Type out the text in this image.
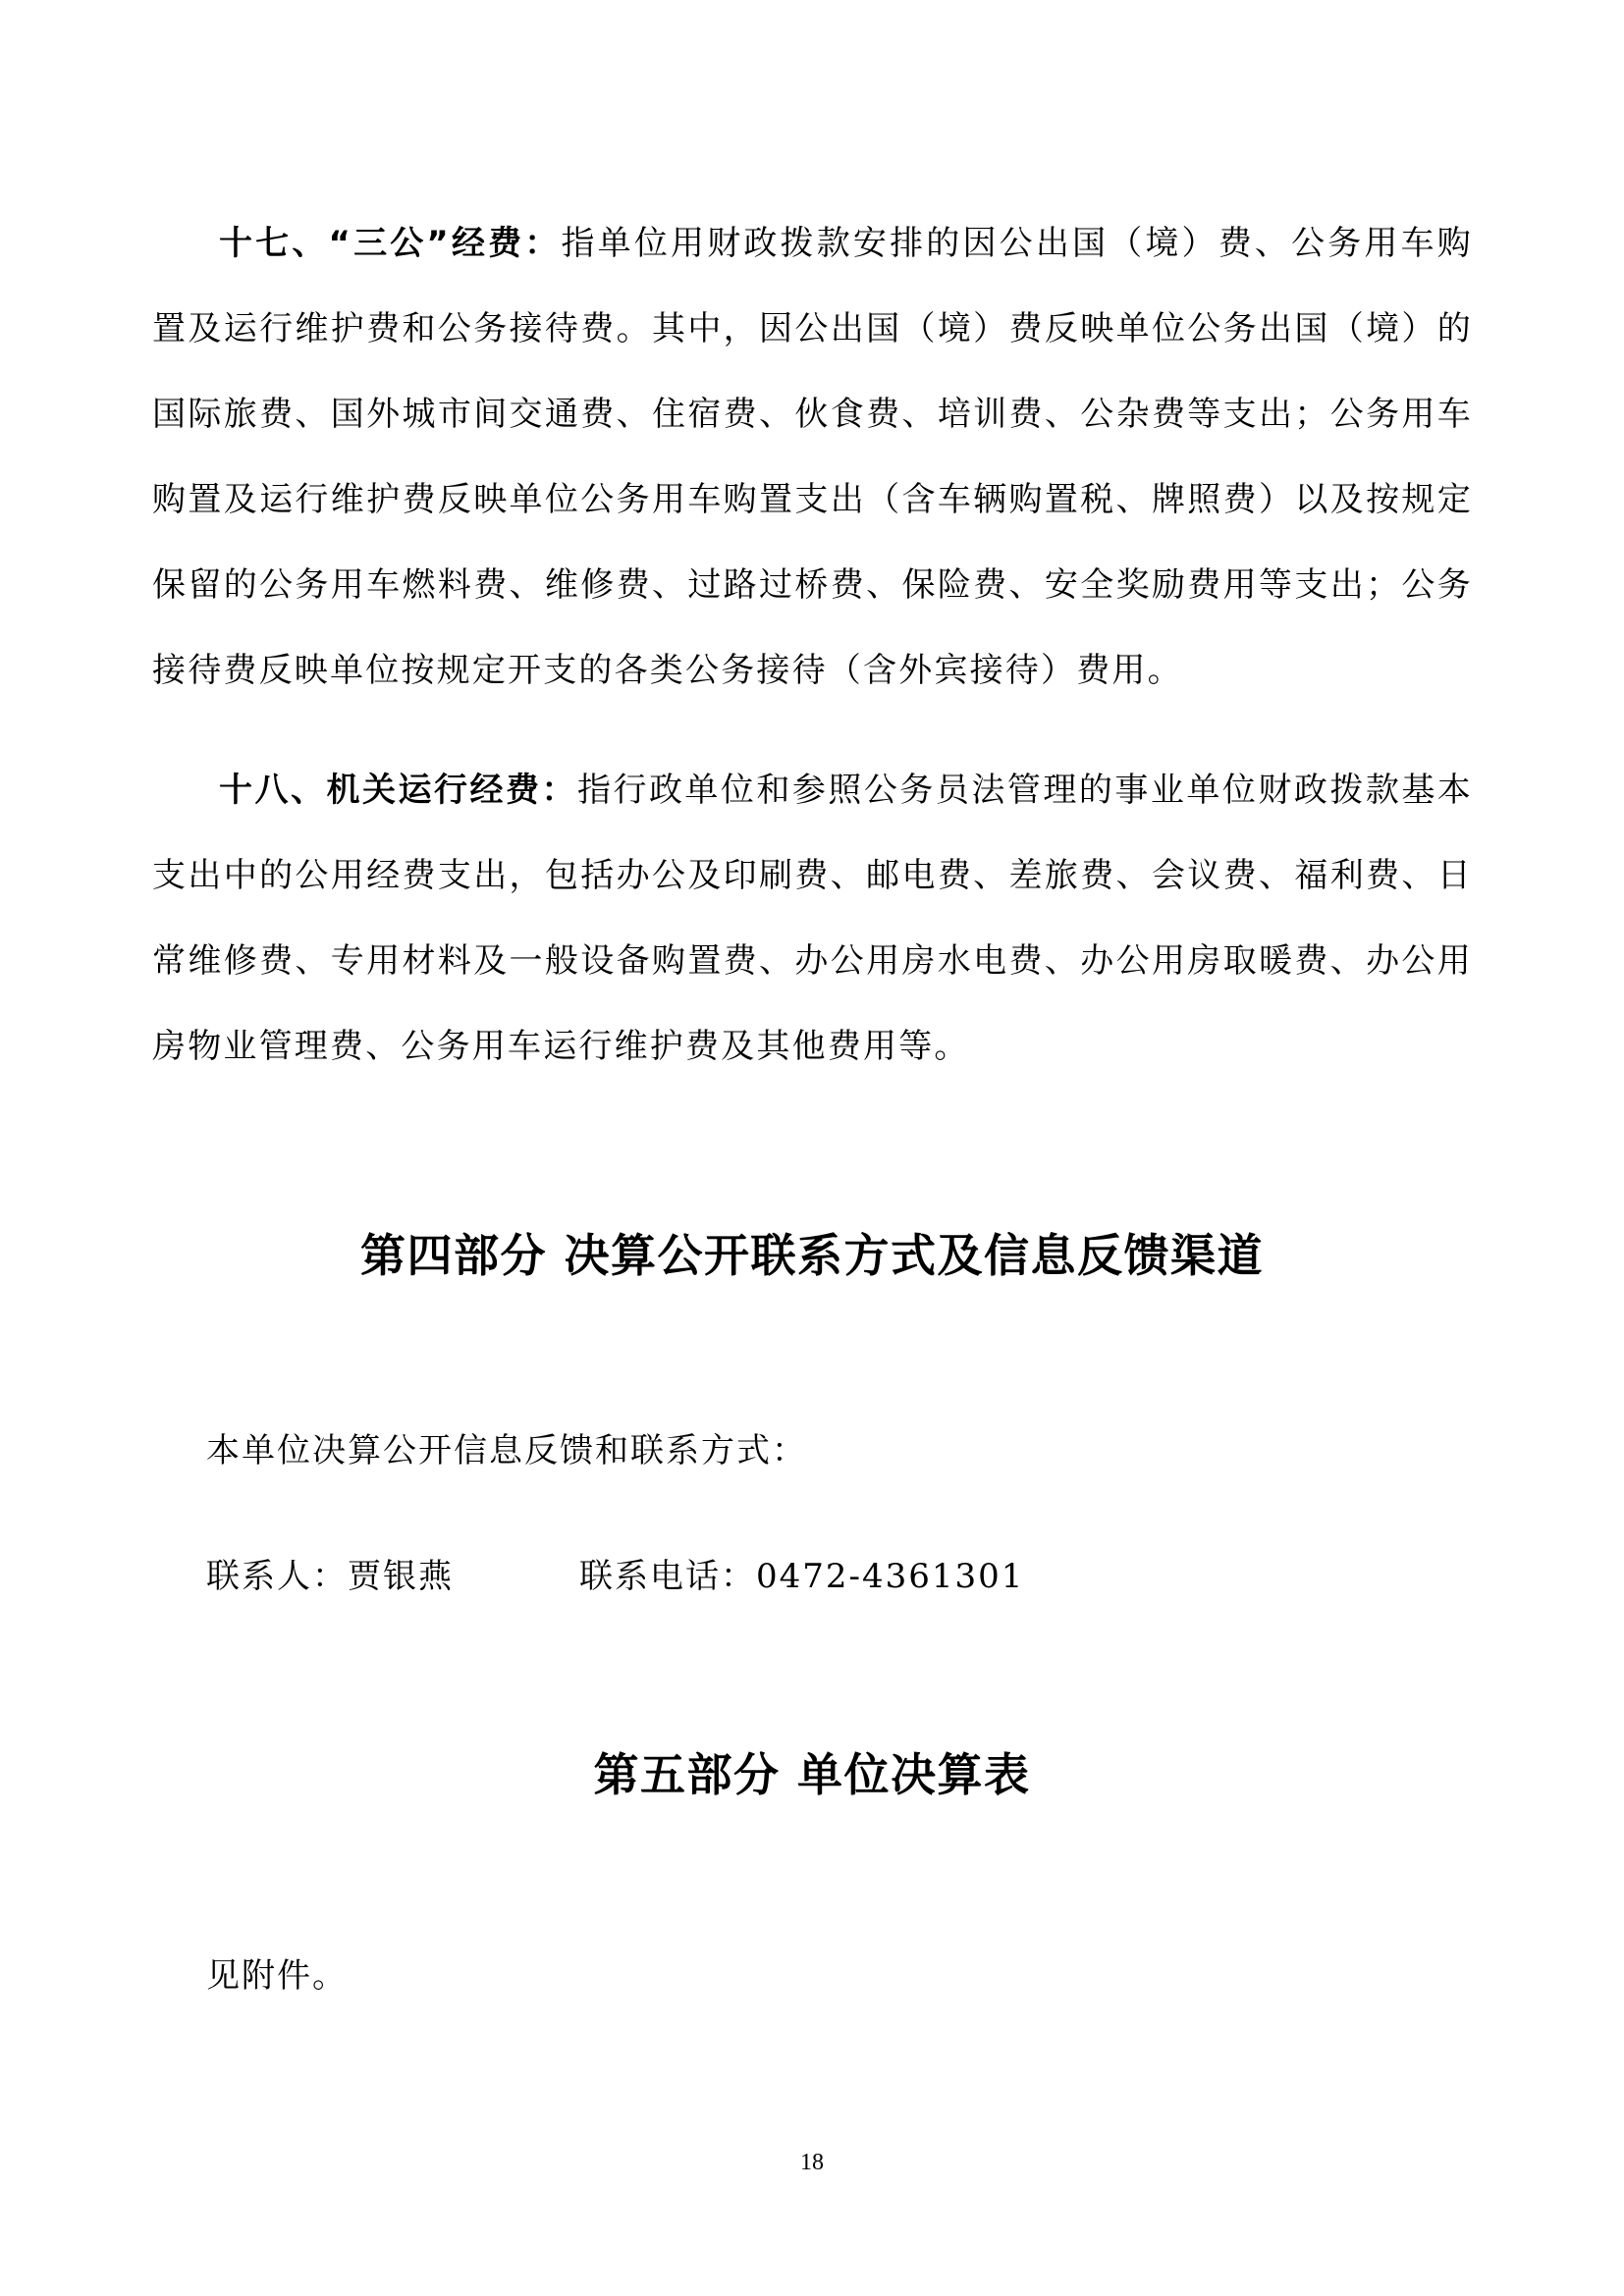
十七、“三公”经费：指单位用财政拨款安排的因公出国（境）费、公务用车购置及运行维护费和公务接待费。其中，因公出国（境）费反映单位公务出国（境）的国际旅费、国外城市间交通费、住宿费、伙食费、培训费、公杂费等支出；公务用车购置及运行维护费反映单位公务用车购置支出（含车辆购置税、牌照费）以及按规定保留的公务用车燃料费、维修费、过路过桥费、保险费、安全奖励费用等支出；公务接待费反映单位按规定开支的各类公务接待（含外宾接待）费用。

十八、机关运行经费：指行政单位和参照公务员法管理的事业单位财政拨款基本支出中的公用经费支出，包括办公及印刷费、邮电费、差旅费、会议费、福利费、日常维修费、专用材料及一般设备购置费、办公用房水电费、办公用房取暖费、办公用房物业管理费、公务用车运行维护费及其他费用等。

第四部分 决算公开联系方式及信息反馈渠道

本单位决算公开信息反馈和联系方式：

联系人：贾银燕	联系电话：0472-4361301

第五部分 单位决算表

见附件。

18
